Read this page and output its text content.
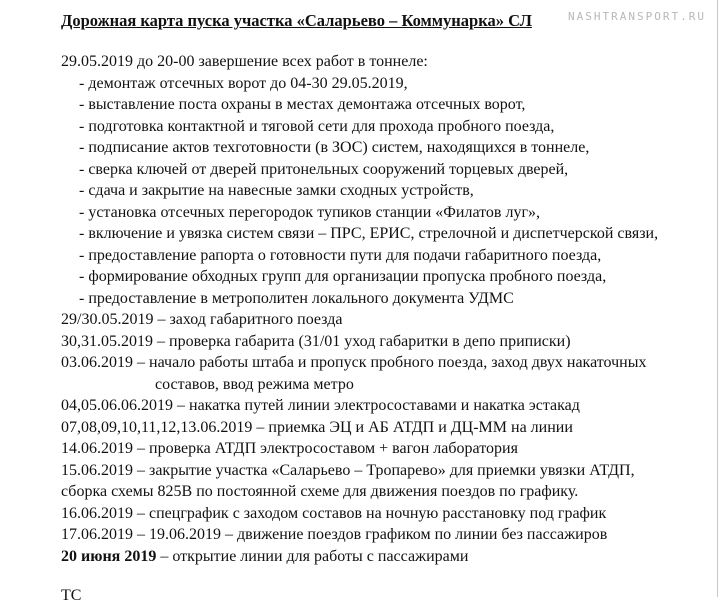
NASHTRANSPORT.RU
Дорожная карта пуска участка «Саларьево – Коммунарка» СЛ
29.05.2019 до 20-00 завершение всех работ в тоннеле:
- демонтаж отсечных ворот до 04-30 29.05.2019,
- выставление поста охраны в местах демонтажа отсечных ворот,
- подготовка контактной и тяговой сети для прохода пробного поезда,
- подписание актов техготовности (в ЗОС) систем, находящихся в тоннеле,
- сверка ключей от дверей притонельных сооружений торцевых дверей,
- сдача и закрытие на навесные замки сходных устройств,
- установка отсечных перегородок тупиков станции «Филатов луг»,
- включение и увязка систем связи – ПРС, ЕРИС, стрелочной и диспетчерской связи,
- предоставление рапорта о готовности пути для подачи габаритного поезда,
- формирование обходных групп для организации пропуска пробного поезда,
- предоставление в метрополитен локального документа УДМС
29/30.05.2019 – заход габаритного поезда
30,31.05.2019 – проверка габарита (31/01 уход габаритки в депо приписки)
03.06.2019 – начало работы штаба и пропуск пробного поезда, заход двух накаточных
составов, ввод режима метро
04,05.06.06.2019 – накатка путей линии электросоставами и накатка эстакад
07,08,09,10,11,12,13.06.2019 – приемка ЭЦ и АБ АТДП и ДЦ-ММ на линии
14.06.2019 – проверка АТДП электросоставом + вагон лаборатория
15.06.2019 – закрытие участка «Саларьево – Тропарево» для приемки увязки АТДП,
сборка схемы 825В по постоянной схеме для движения поездов по графику.
16.06.2019 – спецграфик с заходом составов на ночную расстановку под график
17.06.2019 – 19.06.2019 – движение поездов графиком по линии без пассажиров
20 июня 2019 – открытие линии для работы с пассажирами
ТС
